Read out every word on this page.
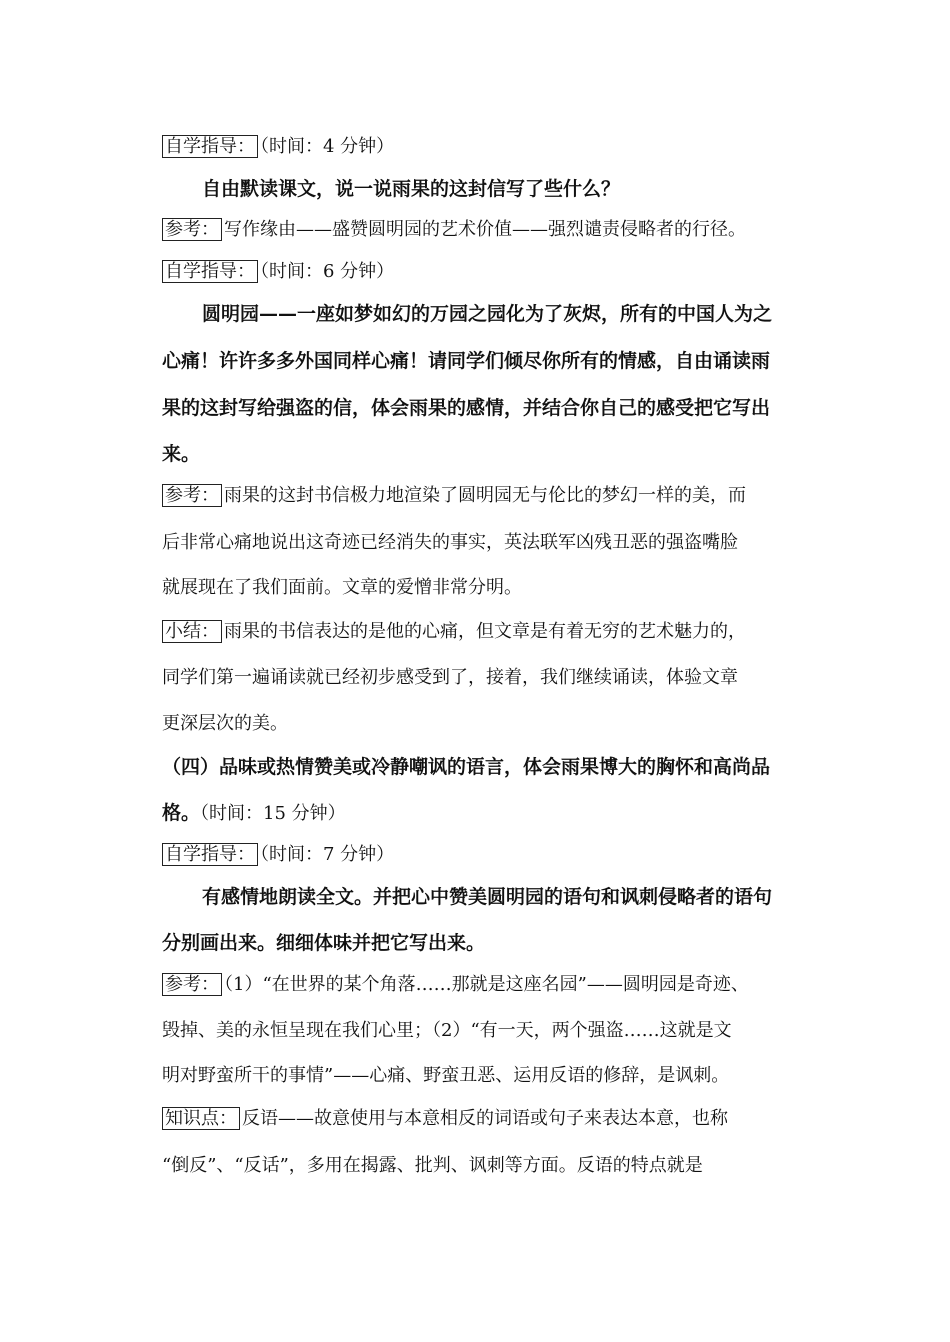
自学指导： （时间：4 分钟）
自由默读课文，说一说雨果的这封信写了些什么？
参考： 写作缘由——盛赞圆明园的艺术价值——强烈谴责侵略者的行径。
自学指导： （时间：6 分钟）
圆明园——一座如梦如幻的万园之园化为了灰烬，所有的中国人为之
心痛！许许多多外国同样心痛！请同学们倾尽你所有的情感，自由诵读雨
果的这封写给强盗的信，体会雨果的感情，并结合你自己的感受把它写出
来。
参考： 雨果的这封书信极力地渲染了圆明园无与伦比的梦幻一样的美，而
后非常心痛地说出这奇迹已经消失的事实，英法联军凶残丑恶的强盗嘴脸
就展现在了我们面前。文章的爱憎非常分明。
小结： 雨果的书信表达的是他的心痛，但文章是有着无穷的艺术魅力的，
同学们第一遍诵读就已经初步感受到了，接着，我们继续诵读，体验文章
更深层次的美。
（四）品味或热情赞美或冷静嘲讽的语言，体会雨果博大的胸怀和高尚品
格。（时间：15 分钟）
自学指导： （时间：7 分钟）
有感情地朗读全文。并把心中赞美圆明园的语句和讽刺侵略者的语句
分别画出来。细细体味并把它写出来。
参考： （1）“在世界的某个角落……那就是这座名园”——圆明园是奇迹、
毁掉、美的永恒呈现在我们心里；（2）“有一天，两个强盗……这就是文
明对野蛮所干的事情”——心痛、野蛮丑恶、运用反语的修辞，是讽刺。
知识点： 反语——故意使用与本意相反的词语或句子来表达本意，也称
“倒反”、“反话”，多用在揭露、批判、讽刺等方面。反语的特点就是
